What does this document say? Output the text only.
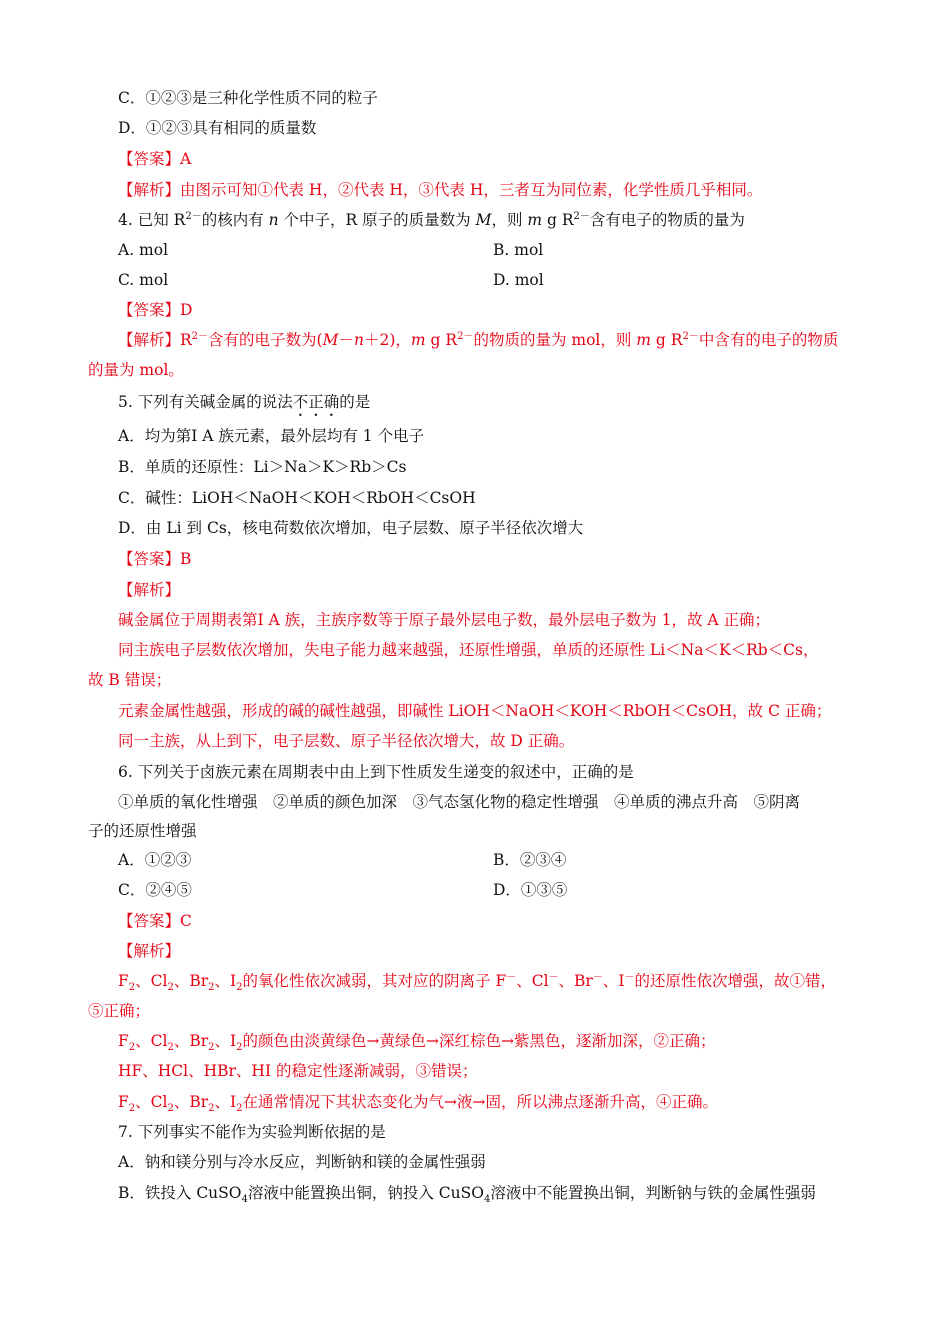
C．①②③是三种化学性质不同的粒子
D．①②③具有相同的质量数
【答案】A
【解析】由图示可知①代表 H，②代表 H，③代表 H，三者互为同位素，化学性质几乎相同。
4. 已知 $R^{2-}$的核内有 n 个中子，R 原子的质量数为 M，则 m g $R^{2-}$含有电子的物质的量为
A. mol	B. mol
C. mol	D. mol
【答案】D
【解析】$R^{2-}$含有的电子数为(M－n＋2)，m g $R^{2-}$的物质的量为 mol，则 m g $R^{2-}$中含有的电子的物质
的量为 mol。
5. 下列有关碱金属的说法不正确的是
A．均为第Ⅰ A 族元素，最外层均有 1 个电子
B．单质的还原性：Li＞Na＞K＞Rb＞Cs
C．碱性：LiOH＜NaOH＜KOH＜RbOH＜CsOH
D．由 Li 到 Cs，核电荷数依次增加，电子层数、原子半径依次增大
【答案】B
【解析】
碱金属位于周期表第Ⅰ A 族，主族序数等于原子最外层电子数，最外层电子数为 1，故 A 正确；
同主族电子层数依次增加，失电子能力越来越强，还原性增强，单质的还原性 Li＜Na＜K＜Rb＜Cs，
故 B 错误；
元素金属性越强，形成的碱的碱性越强，即碱性 LiOH＜NaOH＜KOH＜RbOH＜CsOH，故 C 正确；
同一主族，从上到下，电子层数、原子半径依次增大，故 D 正确。
6. 下列关于卤族元素在周期表中由上到下性质发生递变的叙述中，正确的是
①单质的氧化性增强　②单质的颜色加深　③气态氢化物的稳定性增强　④单质的沸点升高　⑤阴离
子的还原性增强
A．①②③	B．②③④
C．②④⑤	D．①③⑤
【答案】C
【解析】
$F_2$、$Cl_2$、$Br_2$、$I_2$的氧化性依次减弱，其对应的阴离子 F－、Cl－、Br－、I－的还原性依次增强，故①错，
⑤正确；
$F_2$、$Cl_2$、$Br_2$、$I_2$的颜色由淡黄绿色→黄绿色→深红棕色→紫黑色，逐渐加深，②正确；
HF、HCl、HBr、HI 的稳定性逐渐减弱，③错误；
$F_2$、$Cl_2$、$Br_2$、$I_2$在通常情况下其状态变化为气→液→固，所以沸点逐渐升高，④正确。
7. 下列事实不能作为实验判断依据的是
A．钠和镁分别与冷水反应，判断钠和镁的金属性强弱
B．铁投入 CuSO$_4$溶液中能置换出铜，钠投入 CuSO$_4$溶液中不能置换出铜，判断钠与铁的金属性强弱
